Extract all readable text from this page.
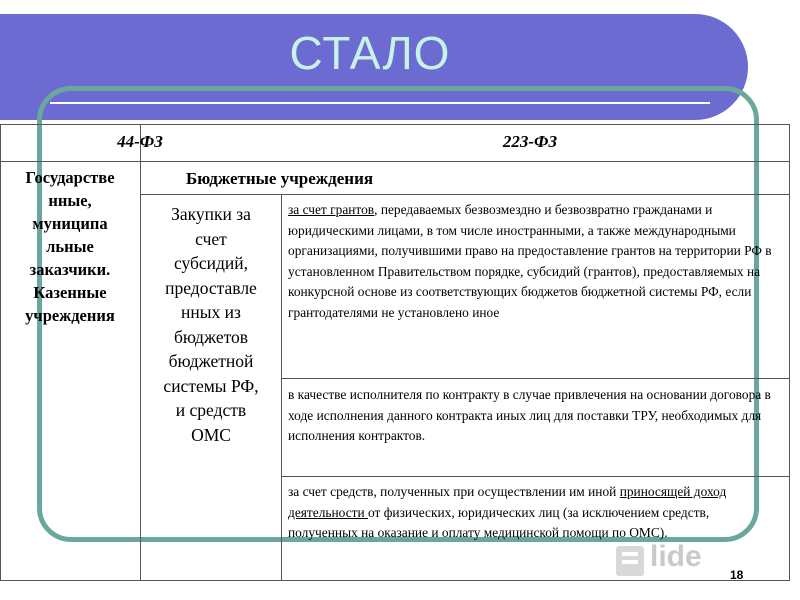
СТАЛО
44-ФЗ	223-ФЗ
Государстве
нные,
муниципа
льные
заказчики.
Казенные
учреждения
Бюджетные учреждения
Закупки за
счет
субсидий,
предоставле
нных из
бюджетов
бюджетной
системы РФ,
и средств
ОМС
за счет грантов, передаваемых безвозмездно и безвозвратно гражданами и юридическими лицами, в том числе иностранными, а также международными организациями, получившими право на предоставление грантов на территории РФ в установленном Правительством порядке, субсидий (грантов), предоставляемых на конкурсной основе из соответствующих бюджетов бюджетной системы РФ, если грантодателями не установлено иное
в качестве исполнителя по контракту в случае привлечения на основании договора в ходе исполнения данного контракта иных лиц для поставки ТРУ, необходимых для исполнения контрактов.
за счет средств, полученных при осуществлении им иной приносящей доход деятельности от физических, юридических лиц (за исключением средств, полученных на оказание и оплату медицинской помощи по ОМС).
lide
18
